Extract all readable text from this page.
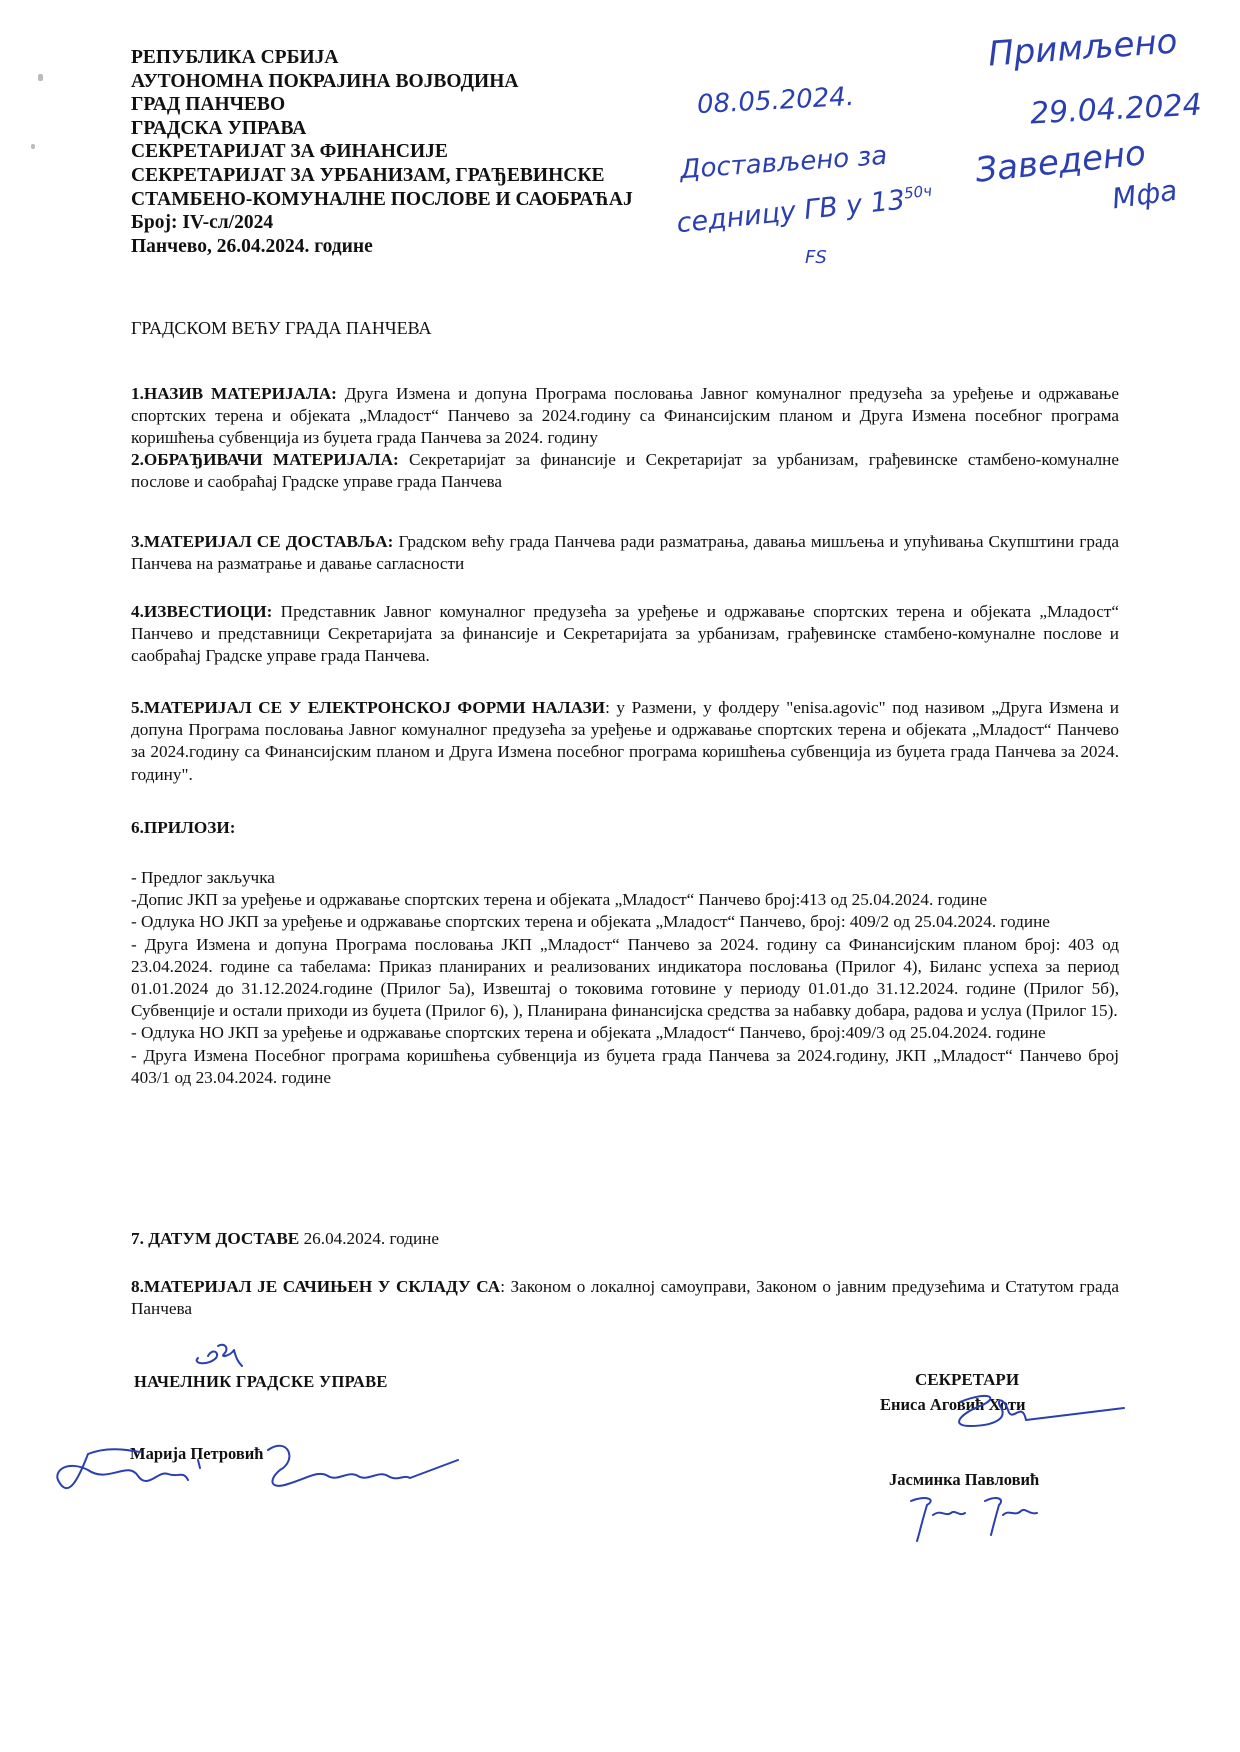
РЕПУБЛИКА СРБИЈА
АУТОНОМНА ПОКРАЈИНА ВОЈВОДИНА
ГРАД ПАНЧЕВО
ГРАДСКА УПРАВА
СЕКРЕТАРИЈАТ ЗА ФИНАНСИЈЕ
СЕКРЕТАРИЈАТ ЗА УРБАНИЗАМ, ГРАЂЕВИНСКЕ
СТАМБЕНО-КОМУНАЛНЕ ПОСЛОВЕ И САОБРАЋАЈ
Број: IV-сл/2024
Панчево, 26.04.2024. године
08.05.2024.
Достављено за
седницу ГВ у $13^{50ч}$
FS
Примљено
29.04.2024
Заведено
Мфа
ГРАДСКОМ ВЕЋУ ГРАДА ПАНЧЕВА
1.НАЗИВ МАТЕРИЈАЛА: Друга Измена и допуна Програма пословања Јавног комуналног предузећа за уређење и одржавање спортских терена и објеката „Младост“ Панчево за 2024.годину са Финансијским планом и Друга Измена посебног програма коришћења субвенција из буџета града Панчева за 2024. годину
2.ОБРАЂИВАЧИ МАТЕРИЈАЛА: Секретаријат за финансије и Секретаријат за урбанизам, грађевинске стамбено-комуналне послове и саобраћај Градске управе града Панчева
3.МАТЕРИЈАЛ СЕ ДОСТАВЉА: Градском већу града Панчева ради разматрања, давања мишљења и упућивања Скупштини града Панчева на разматрање и давање сагласности
4.ИЗВЕСТИОЦИ: Представник Јавног комуналног предузећа за уређење и одржавање спортских терена и објеката „Младост“ Панчево и представници Секретаријата за финансије и Секретаријата за урбанизам, грађевинске стамбено-комуналне послове и саобраћај Градске управе града Панчева.
5.МАТЕРИЈАЛ СЕ У ЕЛЕКТРОНСКОЈ ФОРМИ НАЛАЗИ: у Размени, у фолдеру "enisa.agovic" под називом „Друга Измена и допуна Програма пословања Јавног комуналног предузећа за уређење и одржавање спортских терена и објеката „Младост“ Панчево за 2024.годину са Финансијским планом и Друга Измена посебног програма коришћења субвенција из буџета града Панчева за 2024. годину".
6.ПРИЛОЗИ:

- Предлог закључка

-Допис ЈКП за уређење и одржавање спортских терена и објеката „Младост“ Панчево број:413 од 25.04.2024. године

- Одлука НО ЈКП за уређење и одржавање спортских терена и објеката „Младост“ Панчево, број: 409/2 од 25.04.2024. године

- Друга Измена и допуна Програма пословања ЈКП „Младост“ Панчево за 2024. годину са Финансијским планом број: 403 од 23.04.2024. године са табелама: Приказ планираних и реализованих индикатора пословања (Прилог 4), Биланс успеха за период 01.01.2024 до 31.12.2024.године (Прилог 5а), Извештај о токовима готовине у периоду 01.01.до 31.12.2024. године (Прилог 5б), Субвенције и остали приходи из буџета (Прилог 6), ), Планирана финансијска средства за набавку добара, радова и услуа (Прилог 15).

- Одлука НО ЈКП за уређење и одржавање спортских терена и објеката „Младост“ Панчево, број:409/3 од 25.04.2024. године

- Друга Измена Посебног програма коришћења субвенција из буџета града Панчева за 2024.годину, ЈКП „Младост“ Панчево број 403/1 од 23.04.2024. године

7. ДАТУМ ДОСТАВЕ 26.04.2024. године
8.МАТЕРИЈАЛ ЈЕ САЧИЊЕН У СКЛАДУ СА: Законом о локалној самоуправи, Законом о јавним предузећима и Статутом града Панчева
НАЧЕЛНИК ГРАДСКЕ УПРАВЕ
Марија Петровић
СЕКРЕТАРИ
Ениса Аговић Хоти
Јасминка Павловић
